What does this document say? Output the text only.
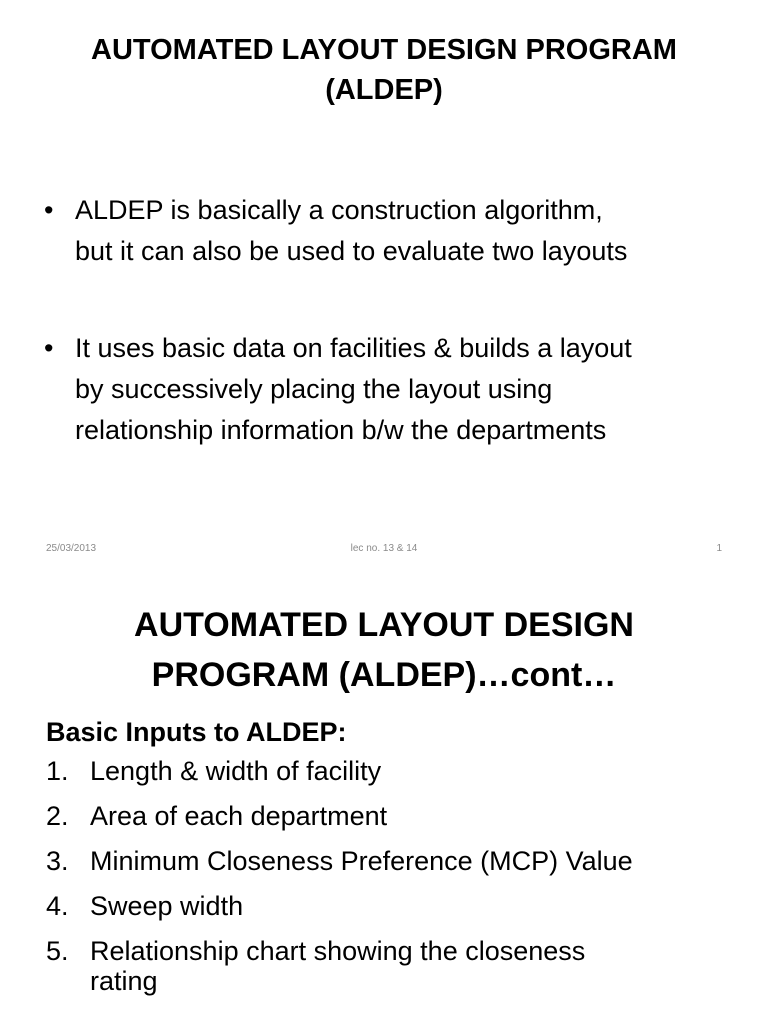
AUTOMATED LAYOUT DESIGN PROGRAM
(ALDEP)
• ALDEP is basically a construction algorithm,
but it can also be used to evaluate two layouts
• It uses basic data on facilities & builds a layout
by successively placing the layout using
relationship information b/w the departments
25/03/2013	lec no. 13 & 14	1
AUTOMATED LAYOUT DESIGN
PROGRAM (ALDEP)…cont…
Basic Inputs to ALDEP:
1. Length & width of facility
2. Area of each department
3. Minimum Closeness Preference (MCP) Value
4. Sweep width
5. Relationship chart showing the closeness
rating
